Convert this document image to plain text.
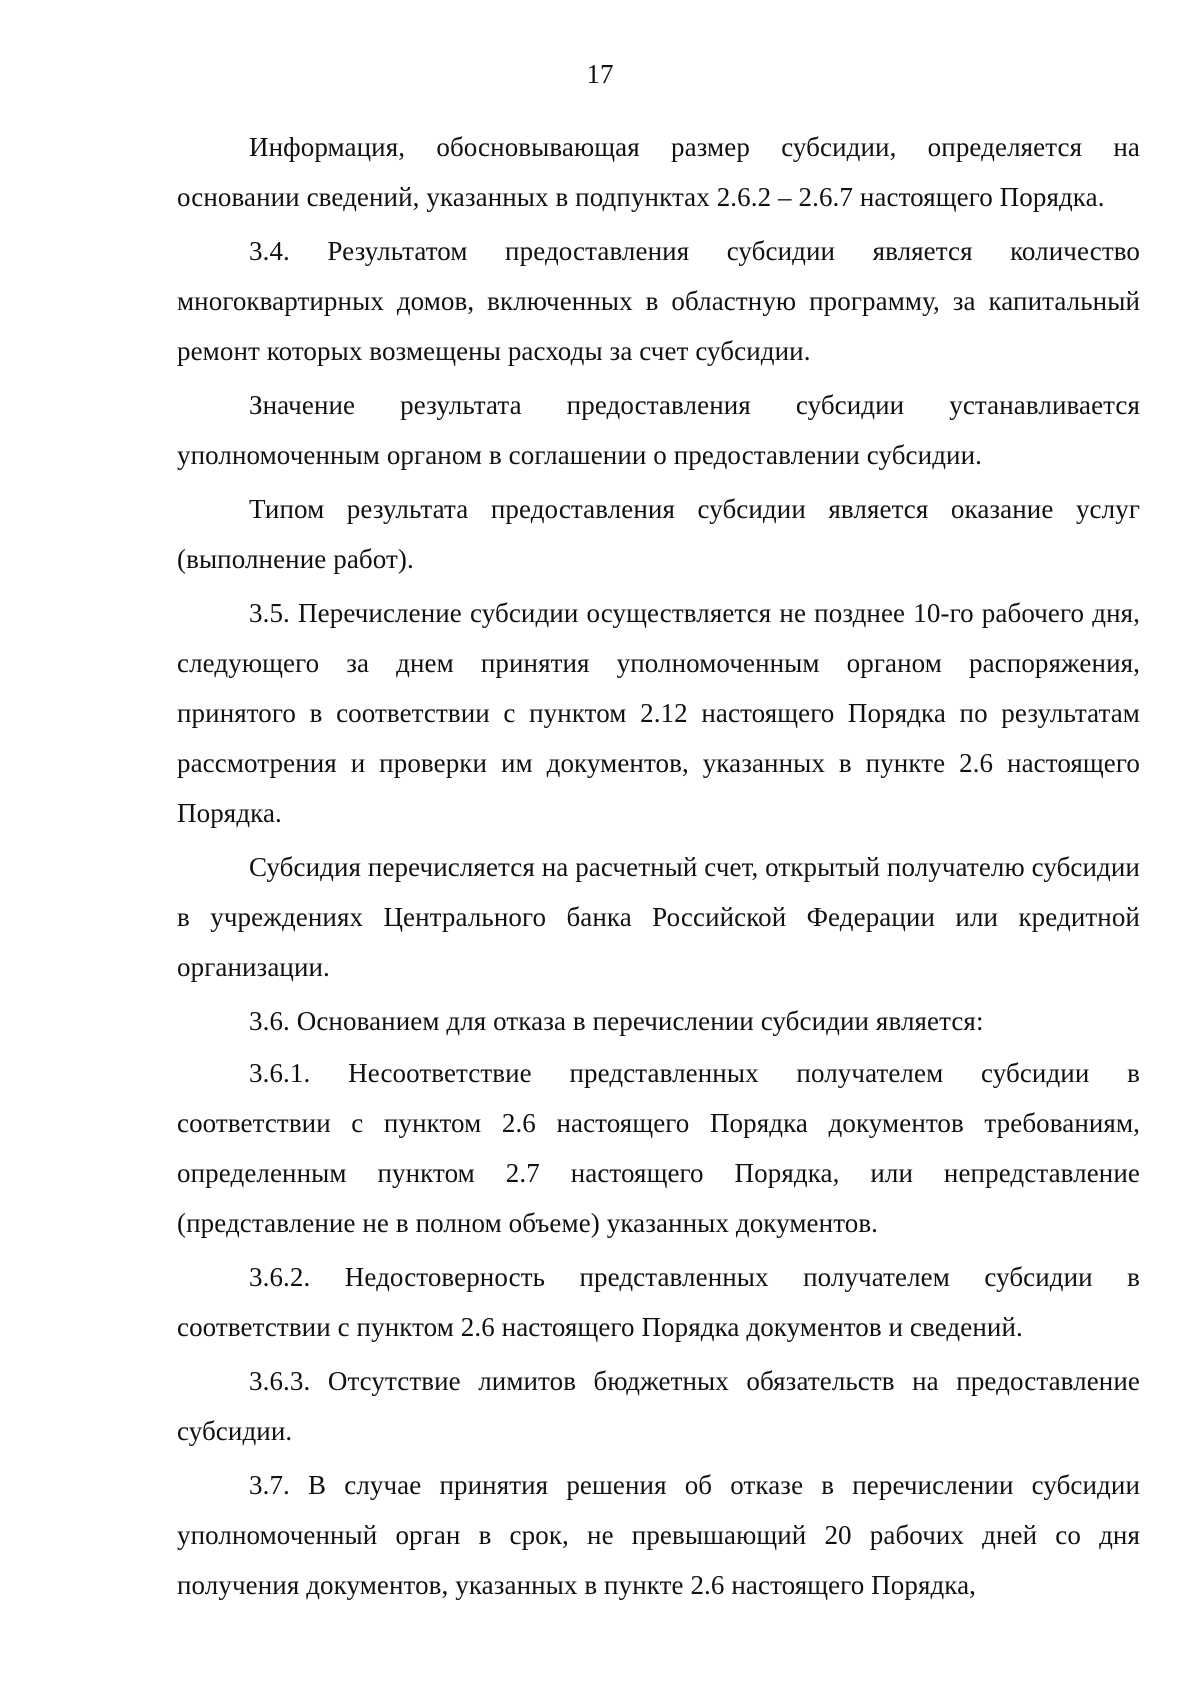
17

Информация, обосновывающая размер субсидии, определяется на основании сведений, указанных в подпунктах 2.6.2 – 2.6.7 настоящего Порядка.

3.4. Результатом предоставления субсидии является количество многоквартирных домов, включенных в областную программу, за капитальный ремонт которых возмещены расходы за счет субсидии.

Значение результата предоставления субсидии устанавливается уполномоченным органом в соглашении о предоставлении субсидии.

Типом результата предоставления субсидии является оказание услуг (выполнение работ).

3.5. Перечисление субсидии осуществляется не позднее 10-го рабочего дня, следующего за днем принятия уполномоченным органом распоряжения, принятого в соответствии с пунктом 2.12 настоящего Порядка по результатам рассмотрения и проверки им документов, указанных в пункте 2.6 настоящего Порядка.

Субсидия перечисляется на расчетный счет, открытый получателю субсидии в учреждениях Центрального банка Российской Федерации или кредитной организации.

3.6. Основанием для отказа в перечислении субсидии является:

3.6.1. Несоответствие представленных получателем субсидии в соответствии с пунктом 2.6 настоящего Порядка документов требованиям, определенным пунктом 2.7 настоящего Порядка, или непредставление (представление не в полном объеме) указанных документов.

3.6.2. Недостоверность представленных получателем субсидии в соответствии с пунктом 2.6 настоящего Порядка документов и сведений.

3.6.3. Отсутствие лимитов бюджетных обязательств на предоставление субсидии.

3.7. В случае принятия решения об отказе в перечислении субсидии уполномоченный орган в срок, не превышающий 20 рабочих дней со дня получения документов, указанных в пункте 2.6 настоящего Порядка,
